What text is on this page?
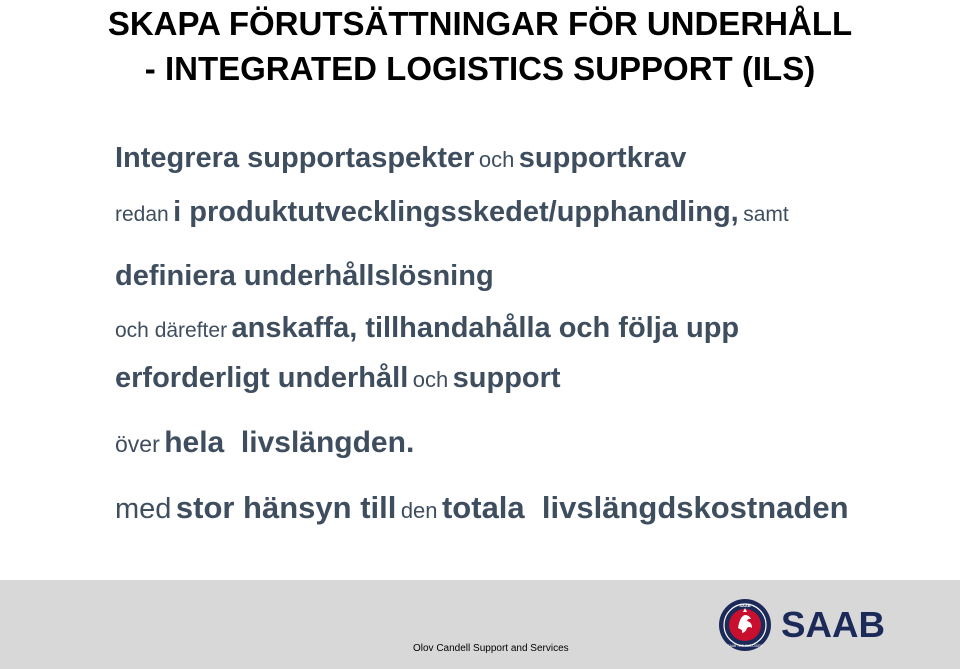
SKAPA FÖRUTSÄTTNINGAR FÖR UNDERHÅLL
- INTEGRATED LOGISTICS SUPPORT (ILS)
Integrera supportaspekter och supportkrav
redan i produktutvecklingsskedet/upphandling, samt
definiera underhållslösning
och därefter anskaffa, tillhandahålla och följa upp
erforderligt underhåll och support
över hela  livslängden.
med stor hänsyn till den totala  livslängdskostnaden
Olov Candell Support and Services
SAAB
SAAB TECHNOLOGIES
SAAB
